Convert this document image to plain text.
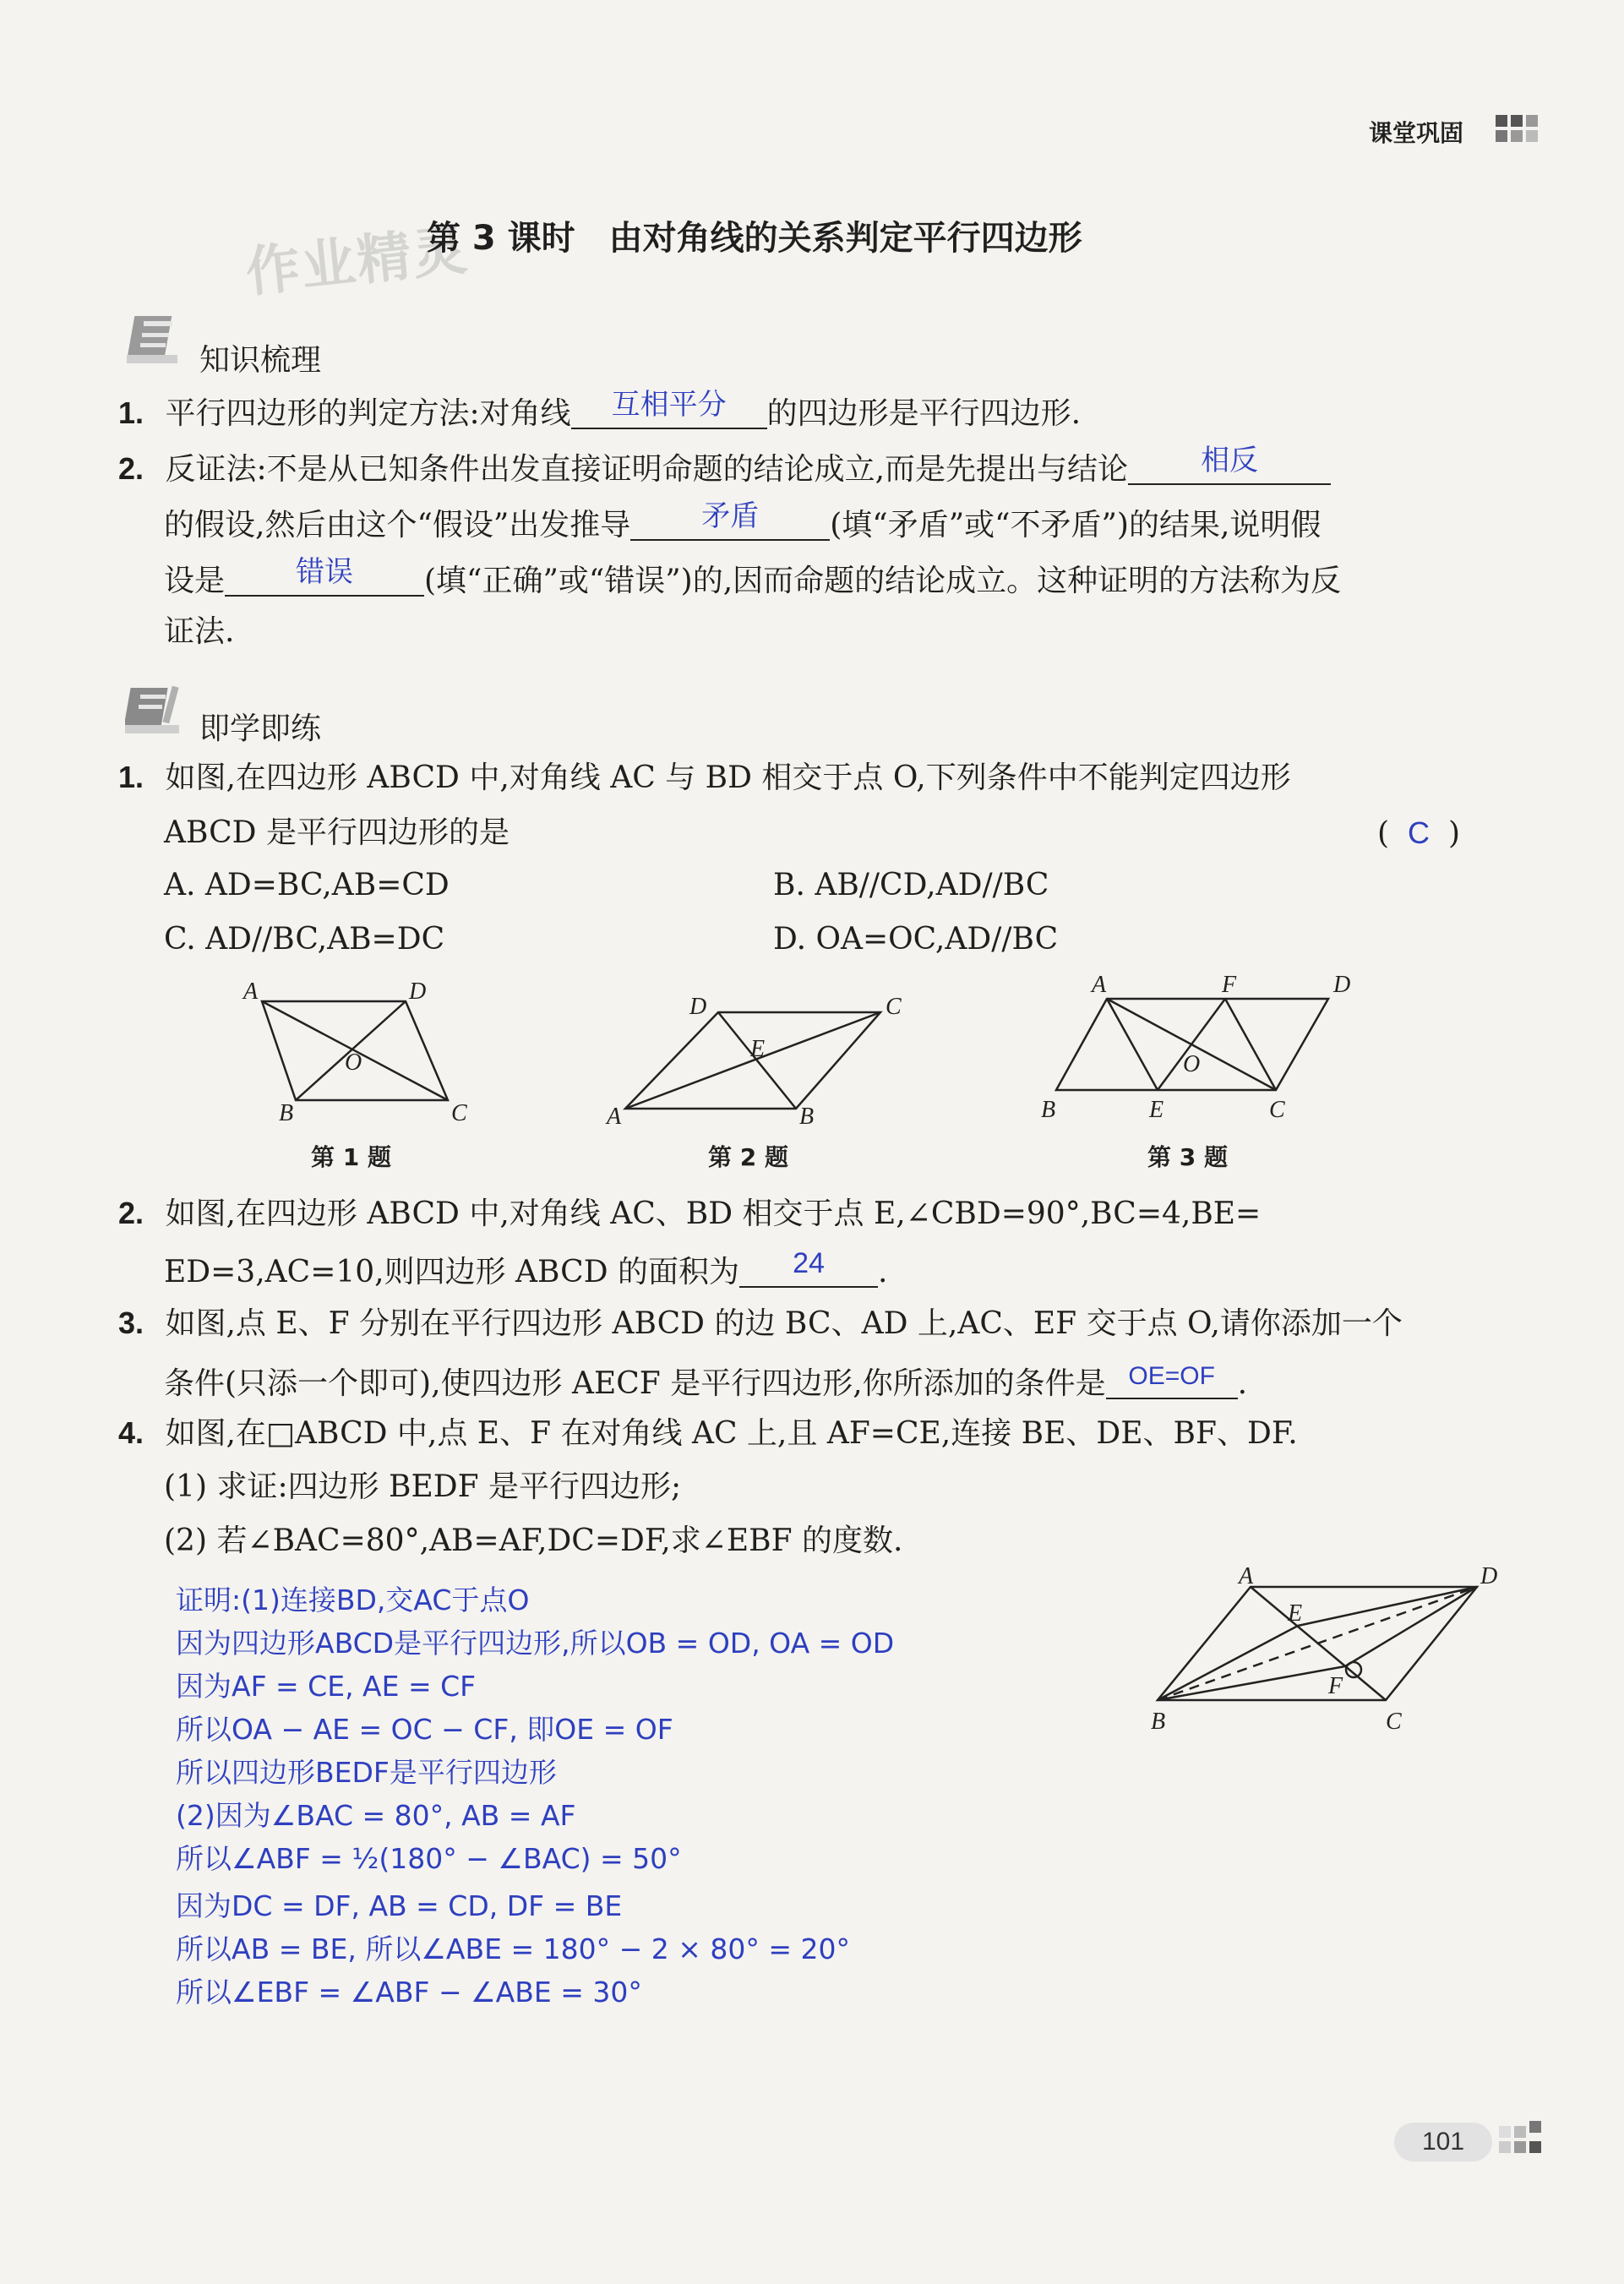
课堂巩固
作业精灵
第 3 课时　由对角线的关系判定平行四边形
知识梳理
1. 平行四边形的判定方法:对角线	互相平分	的四边形是平行四边形.
2. 反证法:不是从已知条件出发直接证明命题的结论成立,而是先提出与结论	相反
的假设,然后由这个“假设”出发推导	矛盾	(填“矛盾”或“不矛盾”)的结果,说明假
设是	错误	(填“正确”或“错误”)的,因而命题的结论成立。这种证明的方法称为反
证法.
即学即练
1. 如图,在四边形 ABCD 中,对角线 AC 与 BD 相交于点 O,下列条件中不能判定四边形
ABCD 是平行四边形的是	( C )
A. AD=BC,AB=CD	B. AB//CD,AD//BC
C. AD//BC,AB=DC	D. OA=OC,AD//BC
A	D
B	C
O
第 1 题
A	B
C
D
E
第 2 题
A	F	D
B	E	C
O
第 3 题
2. 如图,在四边形 ABCD 中,对角线 AC、BD 相交于点 E,∠CBD=90°,BC=4,BE=
ED=3,AC=10,则四边形 ABCD 的面积为	24	.
3. 如图,点 E、F 分别在平行四边形 ABCD 的边 BC、AD 上,AC、EF 交于点 O,请你添加一个
条件(只添一个即可),使四边形 AECF 是平行四边形,你所添加的条件是 OE=OF .
4. 如图,在□ABCD 中,点 E、F 在对角线 AC 上,且 AF=CE,连接 BE、DE、BF、DF.
(1) 求证:四边形 BEDF 是平行四边形;
(2) 若∠BAC=80°,AB=AF,DC=DF,求∠EBF 的度数.
证明:(1)连接BD,交AC于点O
因为四边形ABCD是平行四边形,所以OB = OD, OA = OD
因为AF = CE, AE = CF
所以OA − AE = OC − CF, 即OE = OF
所以四边形BEDF是平行四边形
(2)因为∠BAC = 80°, AB = AF
所以∠ABF = ½(180° − ∠BAC) = 50°
因为DC = DF, AB = CD, DF = BE
所以AB = BE, 所以∠ABE = 180° − 2 × 80° = 20°
所以∠EBF = ∠ABF − ∠ABE = 30°
A	D
E
F
B	C
101
